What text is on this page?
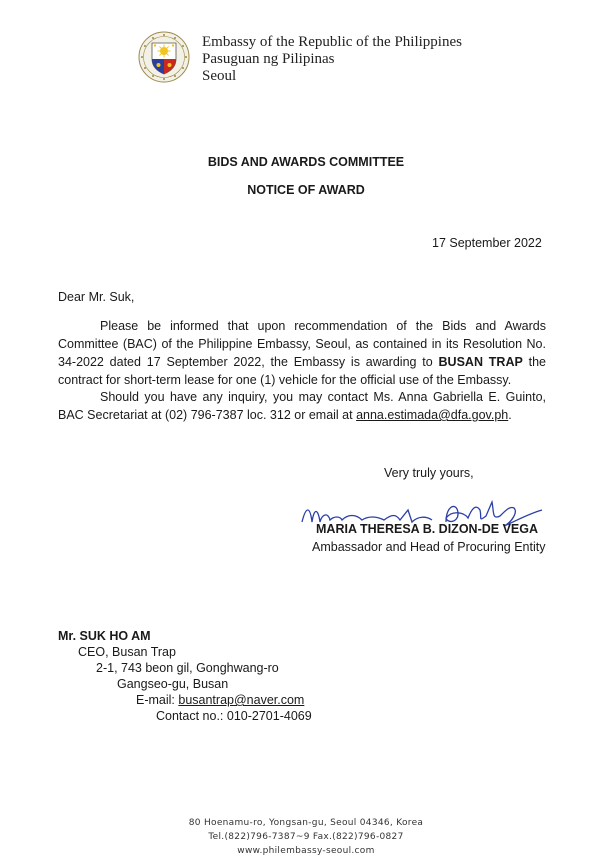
Embassy of the Republic of the Philippines
Pasuguan ng Pilipinas
Seoul
BIDS AND AWARDS COMMITTEE
NOTICE OF AWARD
17 September 2022
Dear Mr. Suk,
Please be informed that upon recommendation of the Bids and Awards Committee (BAC) of the Philippine Embassy, Seoul, as contained in its Resolution No. 34-2022 dated 17 September 2022, the Embassy is awarding to BUSAN TRAP the contract for short-term lease for one (1) vehicle for the official use of the Embassy.
Should you have any inquiry, you may contact Ms. Anna Gabriella E. Guinto, BAC Secretariat at (02) 796-7387 loc. 312 or email at anna.estimada@dfa.gov.ph.
Very truly yours,
MARIA THERESA B. DIZON-DE VEGA
Ambassador and Head of Procuring Entity
Mr. SUK HO AM
CEO, Busan Trap
2-1, 743 beon gil, Gonghwang-ro
Gangseo-gu, Busan
E-mail: busantrap@naver.com
Contact no.: 010-2701-4069
80 Hoenamu-ro, Yongsan-gu, Seoul 04346, Korea
Tel.(822)796-7387~9 Fax.(822)796-0827
www.philembassy-seoul.com
